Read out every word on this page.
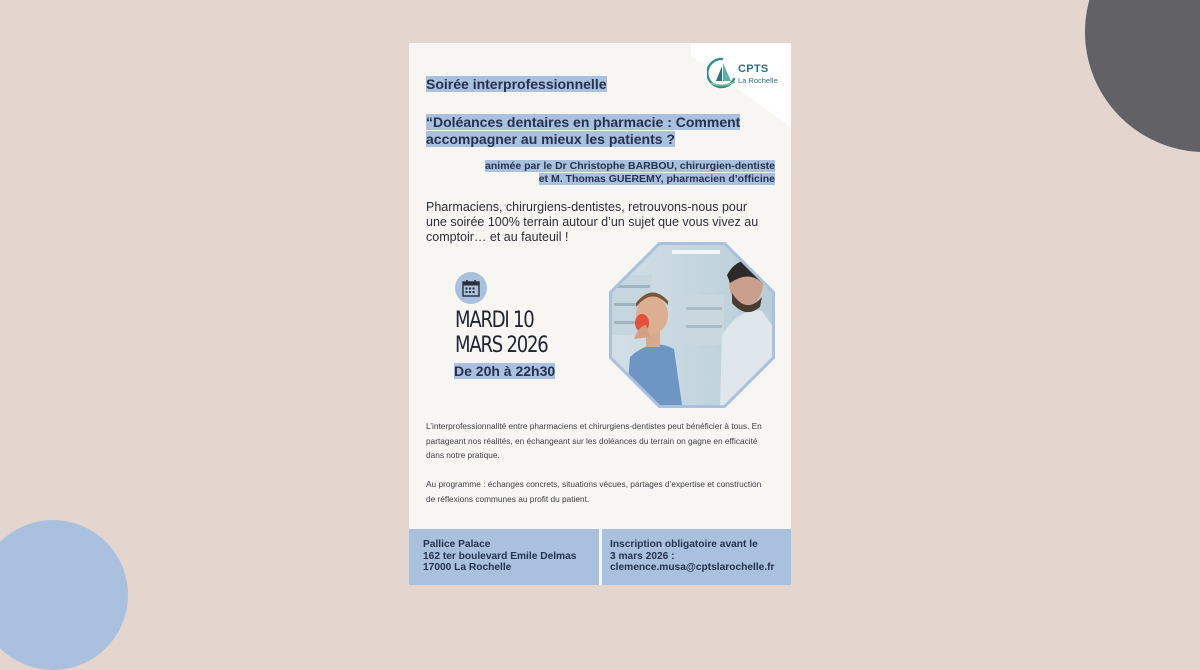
CPTS
La Rochelle
Soirée interprofessionnelle
“Doléances dentaires en pharmacie : Comment accompagner au mieux les patients ?
animée par le Dr Christophe BARBOU, chirurgien-dentiste
et M. Thomas GUEREMY, pharmacien d’officine
Pharmaciens, chirurgiens-dentistes, retrouvons-nous pour une soirée 100% terrain autour d’un sujet que vous vivez au comptoir… et au fauteuil !
MARDI 10
MARS 2026
De 20h à 22h30
L’interprofessionnalité entre pharmaciens et chirurgiens-dentistes peut bénéficier à tous. En partageant nos réalités, en échangeant sur les doléances du terrain on gagne en efficacité dans notre pratique.
Au programme : échanges concrets, situations vécues, partages d’expertise et construction de réflexions communes au profit du patient.
Pallice Palace
162 ter boulevard Emile Delmas
17000 La Rochelle
Inscription obligatoire avant le
3 mars 2026 :
clemence.musa@cptslarochelle.fr
